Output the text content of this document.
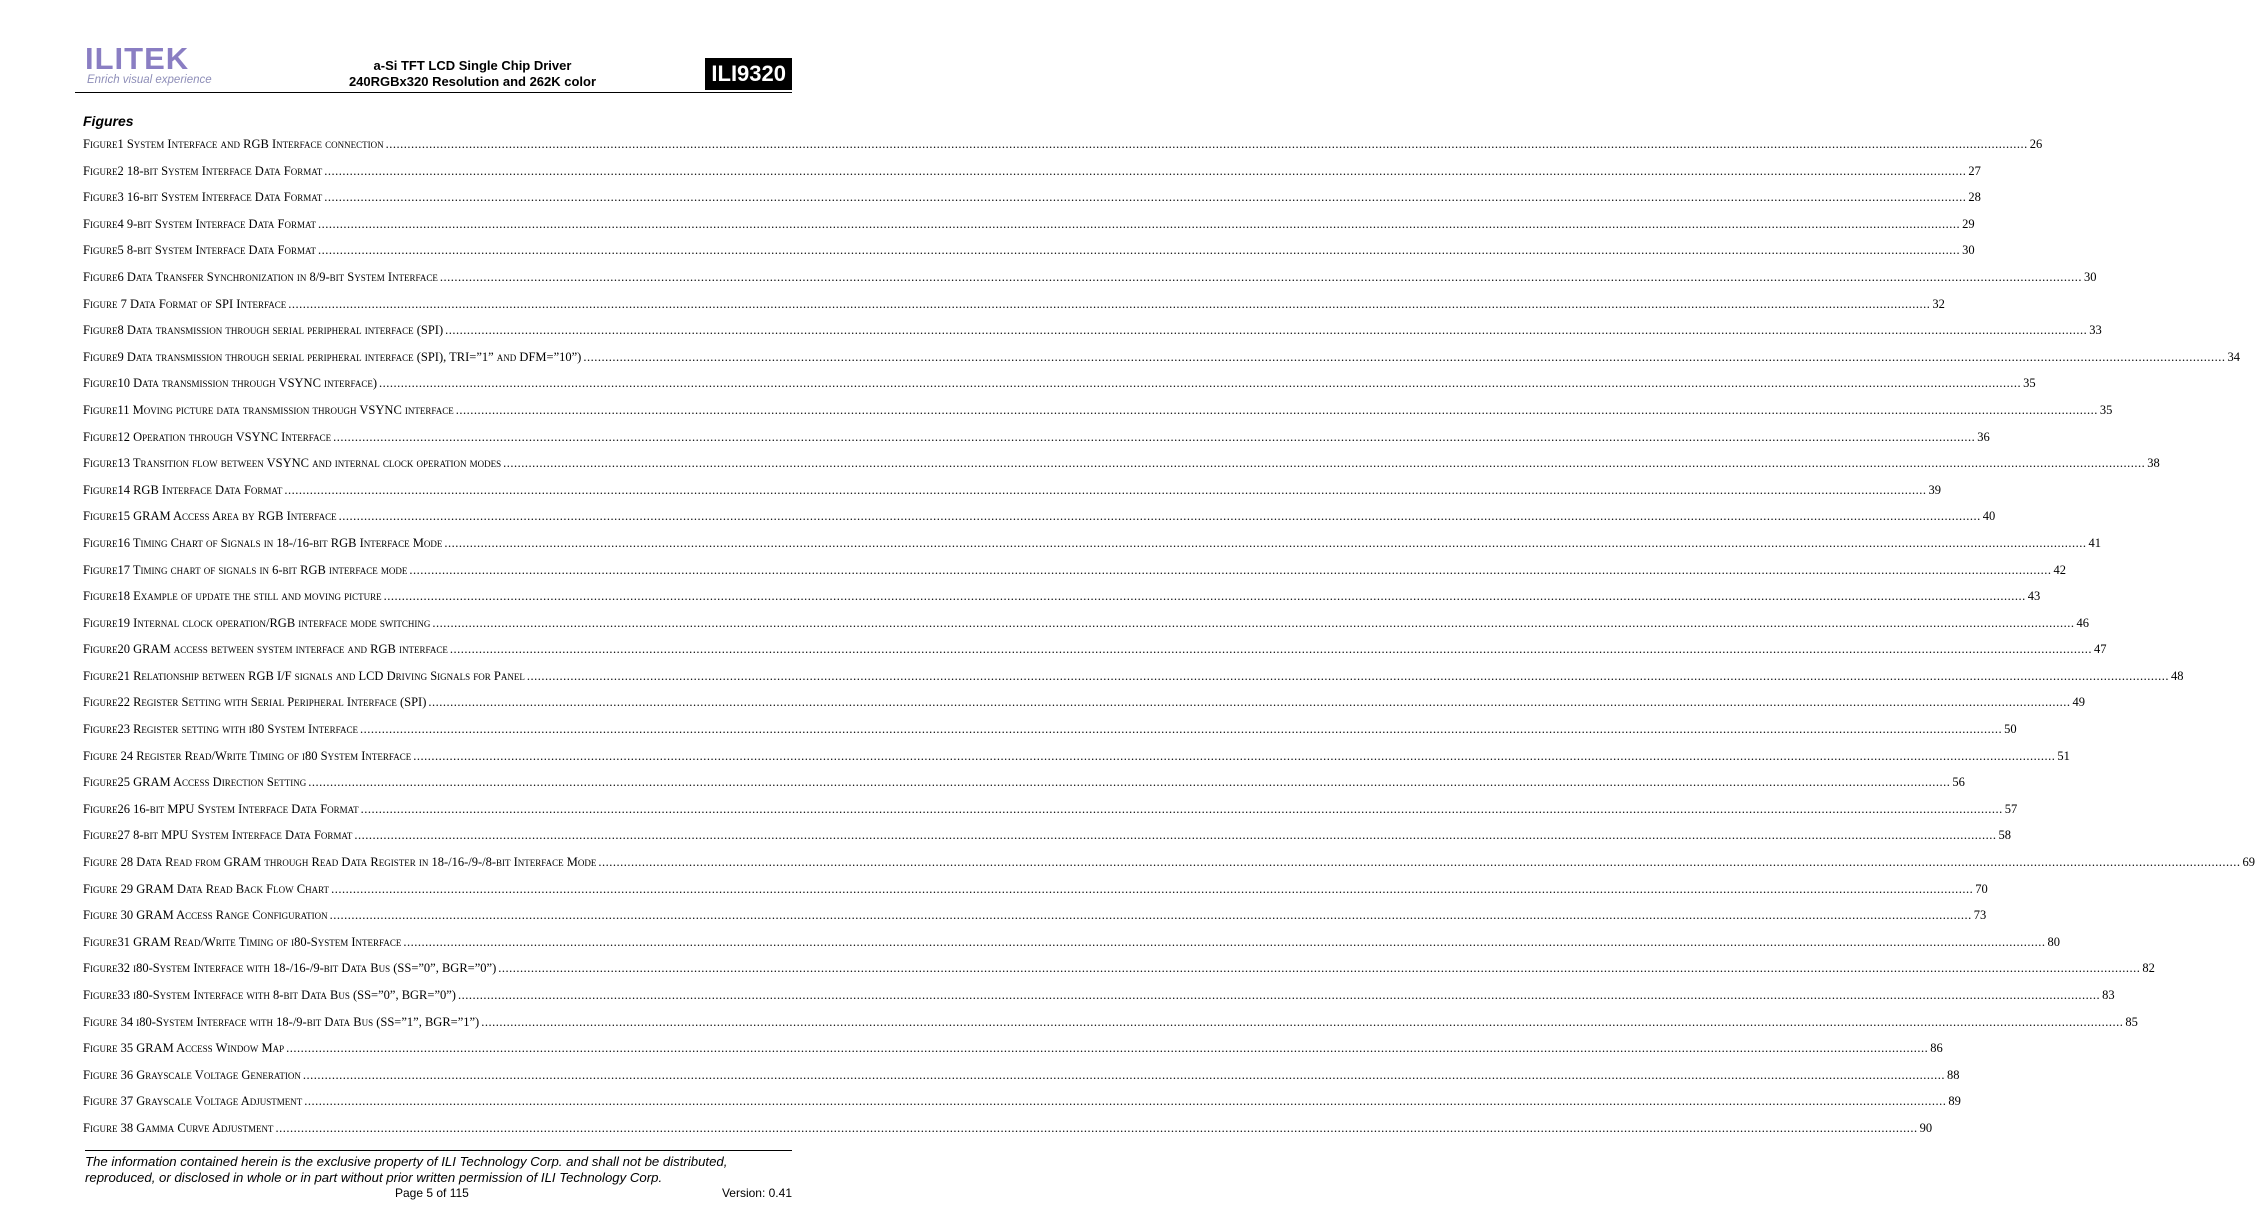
ILITEK
Enrich visual experience
a-Si TFT LCD Single Chip Driver
240RGBx320 Resolution and 262K color	ILI9320
Figures
Figure1 System Interface and RGB Interface connection .....	26
Figure2 18-bit System Interface Data Format .....	27
Figure3 16-bit System Interface Data Format .....	28
Figure4 9-bit System Interface Data Format .....	29
Figure5 8-bit System Interface Data Format .....	30
Figure6 Data Transfer Synchronization in 8/9-bit System Interface .....	30
Figure 7 Data Format of SPI Interface .....	32
Figure8 Data transmission through serial peripheral interface (SPI) .....	33
Figure9 Data transmission through serial peripheral interface (SPI), TRI=”1” and DFM=”10”) .....	34
Figure10 Data transmission through VSYNC interface) .....	35
Figure11 Moving picture data transmission through VSYNC interface .....	35
Figure12 Operation through VSYNC Interface .....	36
Figure13 Transition flow between VSYNC and internal clock operation modes .....	38
Figure14 RGB Interface Data Format .....	39
Figure15 GRAM Access Area by RGB Interface .....	40
Figure16 Timing Chart of Signals in 18-/16-bit RGB Interface Mode .....	41
Figure17 Timing chart of signals in 6-bit RGB interface mode .....	42
Figure18 Example of update the still and moving picture .....	43
Figure19 Internal clock operation/RGB interface mode switching .....	46
Figure20 GRAM access between system interface and RGB interface .....	47
Figure21 Relationship between RGB I/F signals and LCD Driving Signals for Panel .....	48
Figure22 Register Setting with Serial Peripheral Interface (SPI) .....	49
Figure23 Register setting with i80 System Interface .....	50
Figure 24 Register Read/Write Timing of i80 System Interface .....	51
Figure25 GRAM Access Direction Setting .....	56
Figure26 16-bit MPU System Interface Data Format .....	57
Figure27 8-bit MPU System Interface Data Format .....	58
Figure 28 Data Read from GRAM through Read Data Register in 18-/16-/9-/8-bit Interface Mode .....	69
Figure 29 GRAM Data Read Back Flow Chart .....	70
Figure 30 GRAM Access Range Configuration .....	73
Figure31 GRAM Read/Write Timing of i80-System Interface .....	80
Figure32 i80-System Interface with 18-/16-/9-bit Data Bus (SS=”0”, BGR=”0”) .....	82
Figure33 i80-System Interface with 8-bit Data Bus (SS=”0”, BGR=”0”) .....	83
Figure 34 i80-System Interface with 18-/9-bit Data Bus (SS=”1”, BGR=”1”) .....	85
Figure 35 GRAM Access Window Map .....	86
Figure 36 Grayscale Voltage Generation .....	88
Figure 37 Grayscale Voltage Adjustment .....	89
Figure 38 Gamma Curve Adjustment .....	90
The information contained herein is the exclusive property of ILI Technology Corp. and shall not be distributed,
reproduced, or disclosed in whole or in part without prior written permission of ILI Technology Corp.
Page 5 of 115	Version: 0.41
